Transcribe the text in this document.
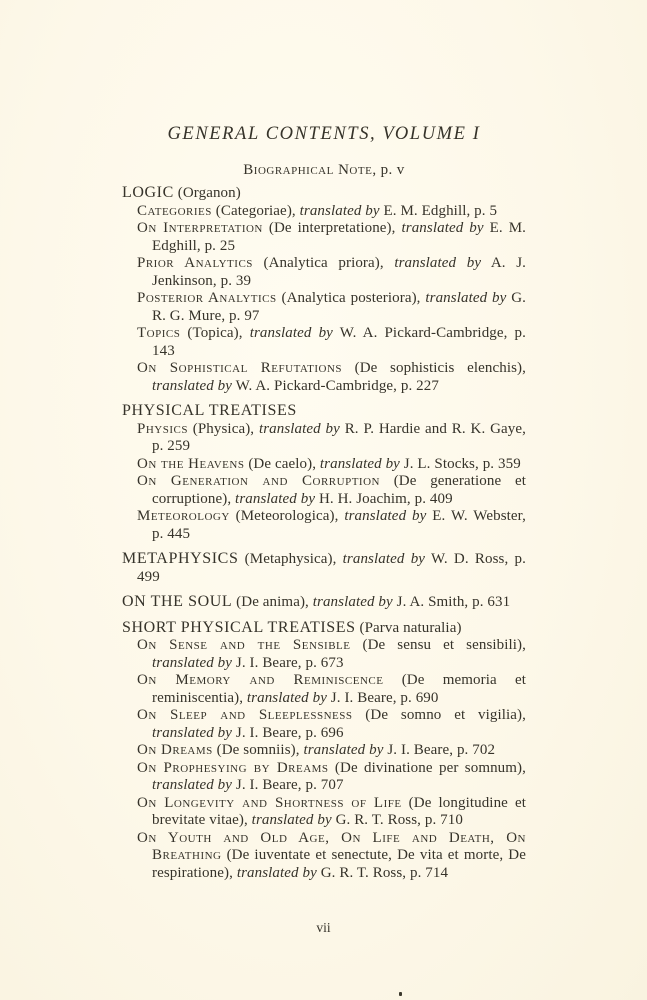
GENERAL CONTENTS, VOLUME I
Biographical Note, p. v
LOGIC (Organon)
Categories (Categoriae), translated by E. M. Edghill, p. 5
On Interpretation (De interpretatione), translated by E. M. Edghill, p. 25
Prior Analytics (Analytica priora), translated by A. J. Jenkinson, p. 39
Posterior Analytics (Analytica posteriora), translated by G. R. G. Mure, p. 97
Topics (Topica), translated by W. A. Pickard-Cambridge, p. 143
On Sophistical Refutations (De sophisticis elenchis), translated by W. A. Pickard-Cambridge, p. 227
PHYSICAL TREATISES
Physics (Physica), translated by R. P. Hardie and R. K. Gaye, p. 259
On the Heavens (De caelo), translated by J. L. Stocks, p. 359
On Generation and Corruption (De generatione et corruptione), translated by H. H. Joachim, p. 409
Meteorology (Meteorologica), translated by E. W. Webster, p. 445
METAPHYSICS (Metaphysica), translated by W. D. Ross, p. 499
ON THE SOUL (De anima), translated by J. A. Smith, p. 631
SHORT PHYSICAL TREATISES (Parva naturalia)
On Sense and the Sensible (De sensu et sensibili), translated by J. I. Beare, p. 673
On Memory and Reminiscence (De memoria et reminiscentia), translated by J. I. Beare, p. 690
On Sleep and Sleeplessness (De somno et vigilia), translated by J. I. Beare, p. 696
On Dreams (De somniis), translated by J. I. Beare, p. 702
On Prophesying by Dreams (De divinatione per somnum), translated by J. I. Beare, p. 707
On Longevity and Shortness of Life (De longitudine et brevitate vitae), translated by G. R. T. Ross, p. 710
On Youth and Old Age, On Life and Death, On Breathing (De iuventate et senectute, De vita et morte, De respiratione), translated by G. R. T. Ross, p. 714
vii
